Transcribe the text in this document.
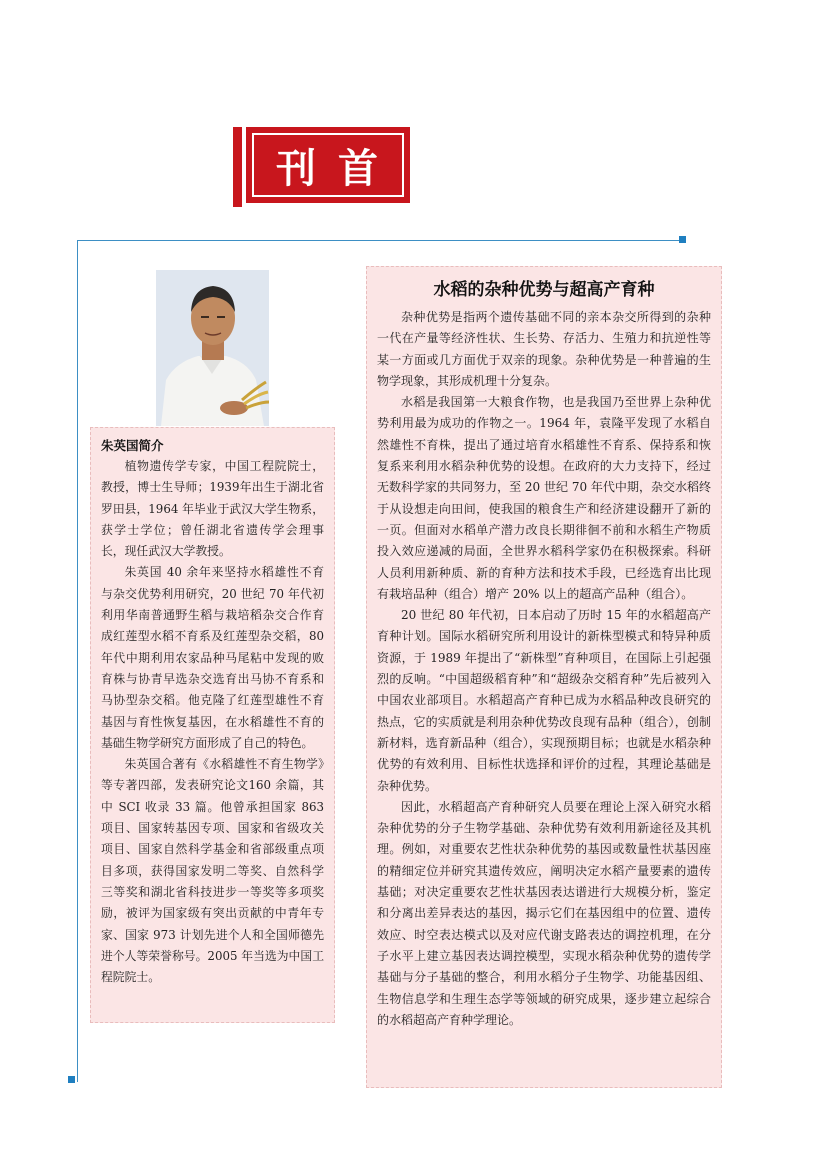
刊首
朱英国简介

植物遗传学专家，中国工程院院士，教授，博士生导师；1939年出生于湖北省罗田县，1964 年毕业于武汉大学生物系，获学士学位；曾任湖北省遗传学会理事长，现任武汉大学教授。

朱英国 40 余年来坚持水稻雄性不育与杂交优势利用研究，20 世纪 70 年代初利用华南普通野生稻与栽培稻杂交合作育成红莲型水稻不育系及红莲型杂交稻，80 年代中期利用农家品种马尾粘中发现的败育株与协青早选杂交选育出马协不育系和马协型杂交稻。他克隆了红莲型雄性不育基因与育性恢复基因，在水稻雄性不育的基础生物学研究方面形成了自己的特色。

朱英国合著有《水稻雄性不育生物学》等专著四部，发表研究论文160 余篇，其中 SCI 收录 33 篇。他曾承担国家 863 项目、国家转基因专项、国家和省级攻关项目、国家自然科学基金和省部级重点项目多项，获得国家发明二等奖、自然科学三等奖和湖北省科技进步一等奖等多项奖励，被评为国家级有突出贡献的中青年专家、国家 973 计划先进个人和全国师德先进个人等荣誉称号。2005 年当选为中国工程院院士。

水稻的杂种优势与超高产育种

杂种优势是指两个遗传基础不同的亲本杂交所得到的杂种一代在产量等经济性状、生长势、存活力、生殖力和抗逆性等某一方面或几方面优于双亲的现象。杂种优势是一种普遍的生物学现象，其形成机理十分复杂。

水稻是我国第一大粮食作物，也是我国乃至世界上杂种优势利用最为成功的作物之一。1964 年，袁隆平发现了水稻自然雄性不育株，提出了通过培育水稻雄性不育系、保持系和恢复系来利用水稻杂种优势的设想。在政府的大力支持下，经过无数科学家的共同努力，至 20 世纪 70 年代中期，杂交水稻终于从设想走向田间，使我国的粮食生产和经济建设翻开了新的一页。但面对水稻单产潜力改良长期徘徊不前和水稻生产物质投入效应递减的局面，全世界水稻科学家仍在积极探索。科研人员利用新种质、新的育种方法和技术手段，已经选育出比现有栽培品种（组合）增产 20% 以上的超高产品种（组合）。

20 世纪 80 年代初，日本启动了历时 15 年的水稻超高产育种计划。国际水稻研究所利用设计的新株型模式和特异种质资源，于 1989 年提出了“新株型”育种项目，在国际上引起强烈的反响。“中国超级稻育种”和“超级杂交稻育种”先后被列入中国农业部项目。水稻超高产育种已成为水稻品种改良研究的热点，它的实质就是利用杂种优势改良现有品种（组合），创制新材料，选育新品种（组合），实现预期目标；也就是水稻杂种优势的有效利用、目标性状选择和评价的过程，其理论基础是杂种优势。

因此，水稻超高产育种研究人员要在理论上深入研究水稻杂种优势的分子生物学基础、杂种优势有效利用新途径及其机理。例如，对重要农艺性状杂种优势的基因或数量性状基因座的精细定位并研究其遗传效应，阐明决定水稻产量要素的遗传基础；对决定重要农艺性状基因表达谱进行大规模分析，鉴定和分离出差异表达的基因，揭示它们在基因组中的位置、遗传效应、时空表达模式以及对应代谢支路表达的调控机理，在分子水平上建立基因表达调控模型，实现水稻杂种优势的遗传学基础与分子基础的整合，利用水稻分子生物学、功能基因组、生物信息学和生理生态学等领域的研究成果，逐步建立起综合的水稻超高产育种学理论。
